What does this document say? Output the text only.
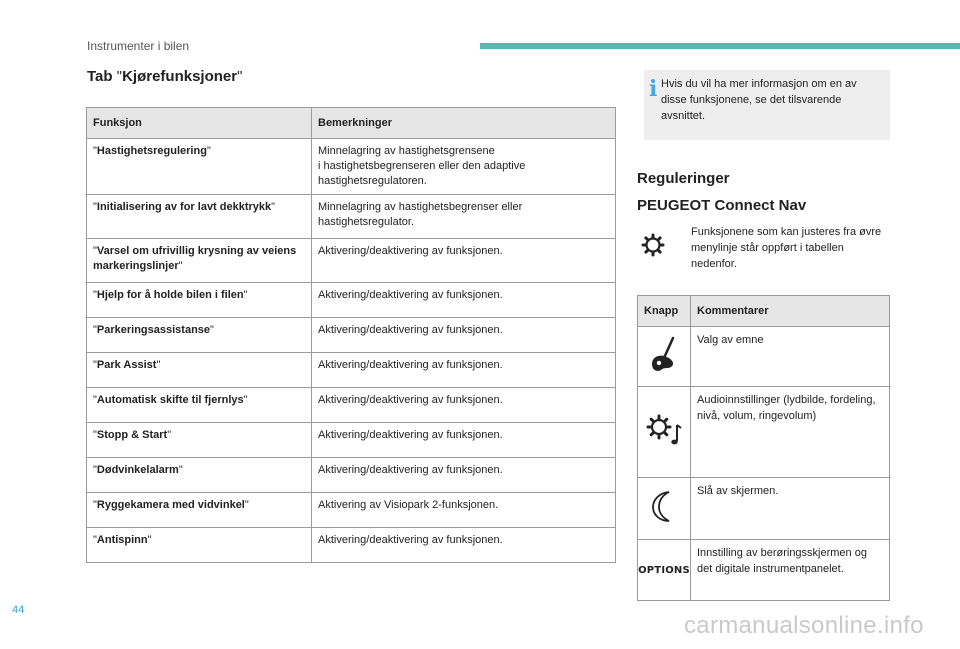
Instrumenter i bilen
Tab "Kjørefunksjoner"
Funksjon	Bemerkninger
"Hastighetsregulering"	Minnelagring av hastighetsgrensene
i hastighetsbegrenseren eller den adaptive hastighetsregulatoren.
"Initialisering av for lavt dekktrykk"	Minnelagring av hastighetsbegrenser eller hastighetsregulator.
"Varsel om ufrivillig krysning av veiens markeringslinjer"	Aktivering/deaktivering av funksjonen.
"Hjelp for å holde bilen i filen"	Aktivering/deaktivering av funksjonen.
"Parkeringsassistanse"	Aktivering/deaktivering av funksjonen.
"Park Assist"	Aktivering/deaktivering av funksjonen.
"Automatisk skifte til fjernlys"	Aktivering/deaktivering av funksjonen.
"Stopp & Start"	Aktivering/deaktivering av funksjonen.
"Dødvinkelalarm"	Aktivering/deaktivering av funksjonen.
"Ryggekamera med vidvinkel"	Aktivering av Visiopark 2-funksjonen.
"Antispinn"	Aktivering/deaktivering av funksjonen.
i Hvis du vil ha mer informasjon om en av disse funksjonene, se det tilsvarende avsnittet.
Reguleringer
PEUGEOT Connect Nav
Funksjonene som kan justeres fra øvre menylinje står oppført i tabellen nedenfor.
Knapp	Kommentarer
	Valg av emne
	Audioinnstillinger (lydbilde, fordeling, nivå, volum, ringevolum)
	Slå av skjermen.
OPTIONS	Innstilling av berøringsskjermen og det digitale instrumentpanelet.
44
carmanualsonline.info
